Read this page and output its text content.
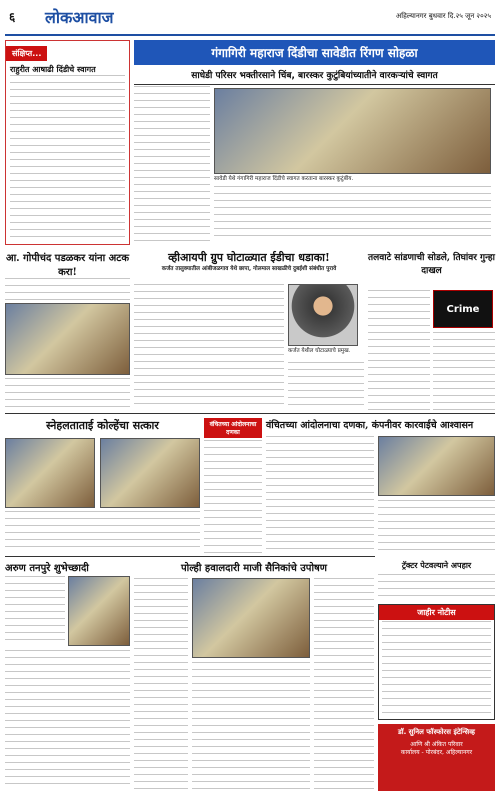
६ लोकआवाज	अहिल्यानगर बुधवार दि.२५ जून २०२५
संक्षिप्त...
राहुरीत आषाढी दिंडीचे स्वागत
गंगागिरी महाराज दिंडीचा सावेडीत रिंगण सोहळा
साधेडी परिसर भक्तीरसाने चिंब, बारस्कर कुटुंबियांच्यातीने वारकऱ्यांचे स्वागत
सावेडी येथे गंगागिरी महाराज दिंडीचे स्वागत करताना बारस्कर कुटुंबीय.
आ. गोपीचंद पडळकर यांना अटक करा!
व्हीआयपी ग्रुप घोटाळ्यात ईडीचा धडाका!
कर्जत तालुक्यातील आंबीजळगाव येथे छापा, गोलमाल साखळीचे दुबईशी संबंधीत पुरावे
कर्जत येथील घोटाळ्याचे प्रमुख.
तलवाटे सांडणाची सोडले, तिघांवर गुन्हा दाखल
Crime
स्नेहलताताई कोल्हेंचा सत्कार	वंचितच्या आंदोलनाचा दणका
वंचितच्या आंदोलनाचा दणका, कंपनीवर कारवाईचे आश्वासन
अरुण तनपुरे शुभेच्छादी	पोल्ही हवालदारी माजी सैनिकांचे उपोषण	ट्रॅक्टर पेटवल्याने अपहार
जाहीर नोटीस
डॉ. सुनिल फॉस्फोरस इंटेन्सिव्ह
आणि श्री अंकित परिवार
कार्यालय - पोरबंदर, अहिल्यानगर
